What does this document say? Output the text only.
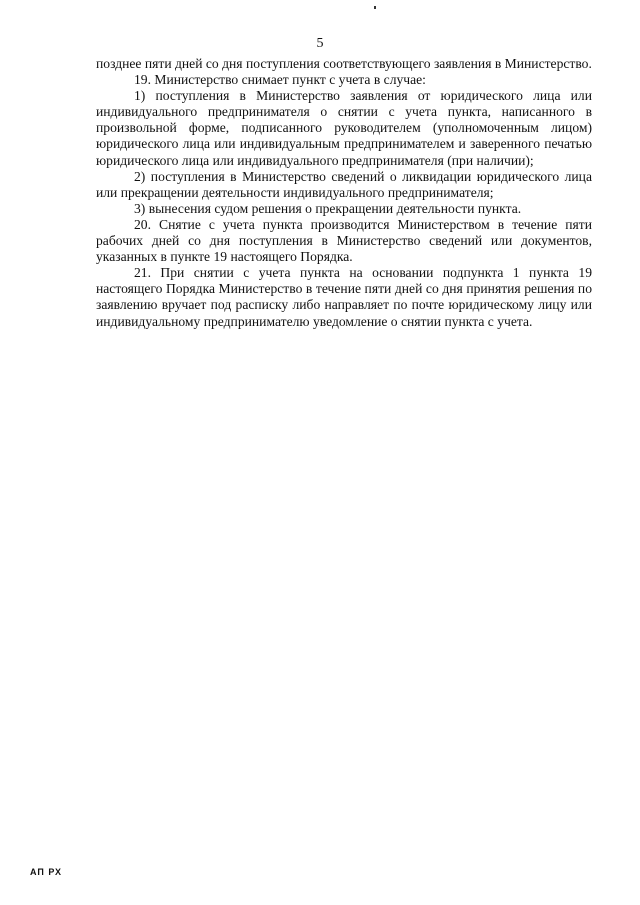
5

позднее пяти дней со дня поступления соответствующего заявления в Министерство.

19. Министерство снимает пункт с учета в случае:

1) поступления в Министерство заявления от юридического лица или индивидуального предпринимателя о снятии с учета пункта, написанного в произвольной форме, подписанного руководителем (уполномоченным лицом) юридического лица или индивидуальным предпринимателем и заверенного печатью юридического лица или индивидуального предпринимателя (при наличии);

2) поступления в Министерство сведений о ликвидации юридического лица или прекращении деятельности индивидуального предпринимателя;

3) вынесения судом решения о прекращении деятельности пункта.

20. Снятие с учета пункта производится Министерством в течение пяти рабочих дней со дня поступления в Министерство сведений или документов, указанных в пункте 19 настоящего Порядка.

21. При снятии с учета пункта на основании подпункта 1 пункта 19 настоящего Порядка Министерство в течение пяти дней со дня принятия решения по заявлению вручает под расписку либо направляет по почте юридическому лицу или индивидуальному предпринимателю уведомление о снятии пункта с учета.

АП РХ
